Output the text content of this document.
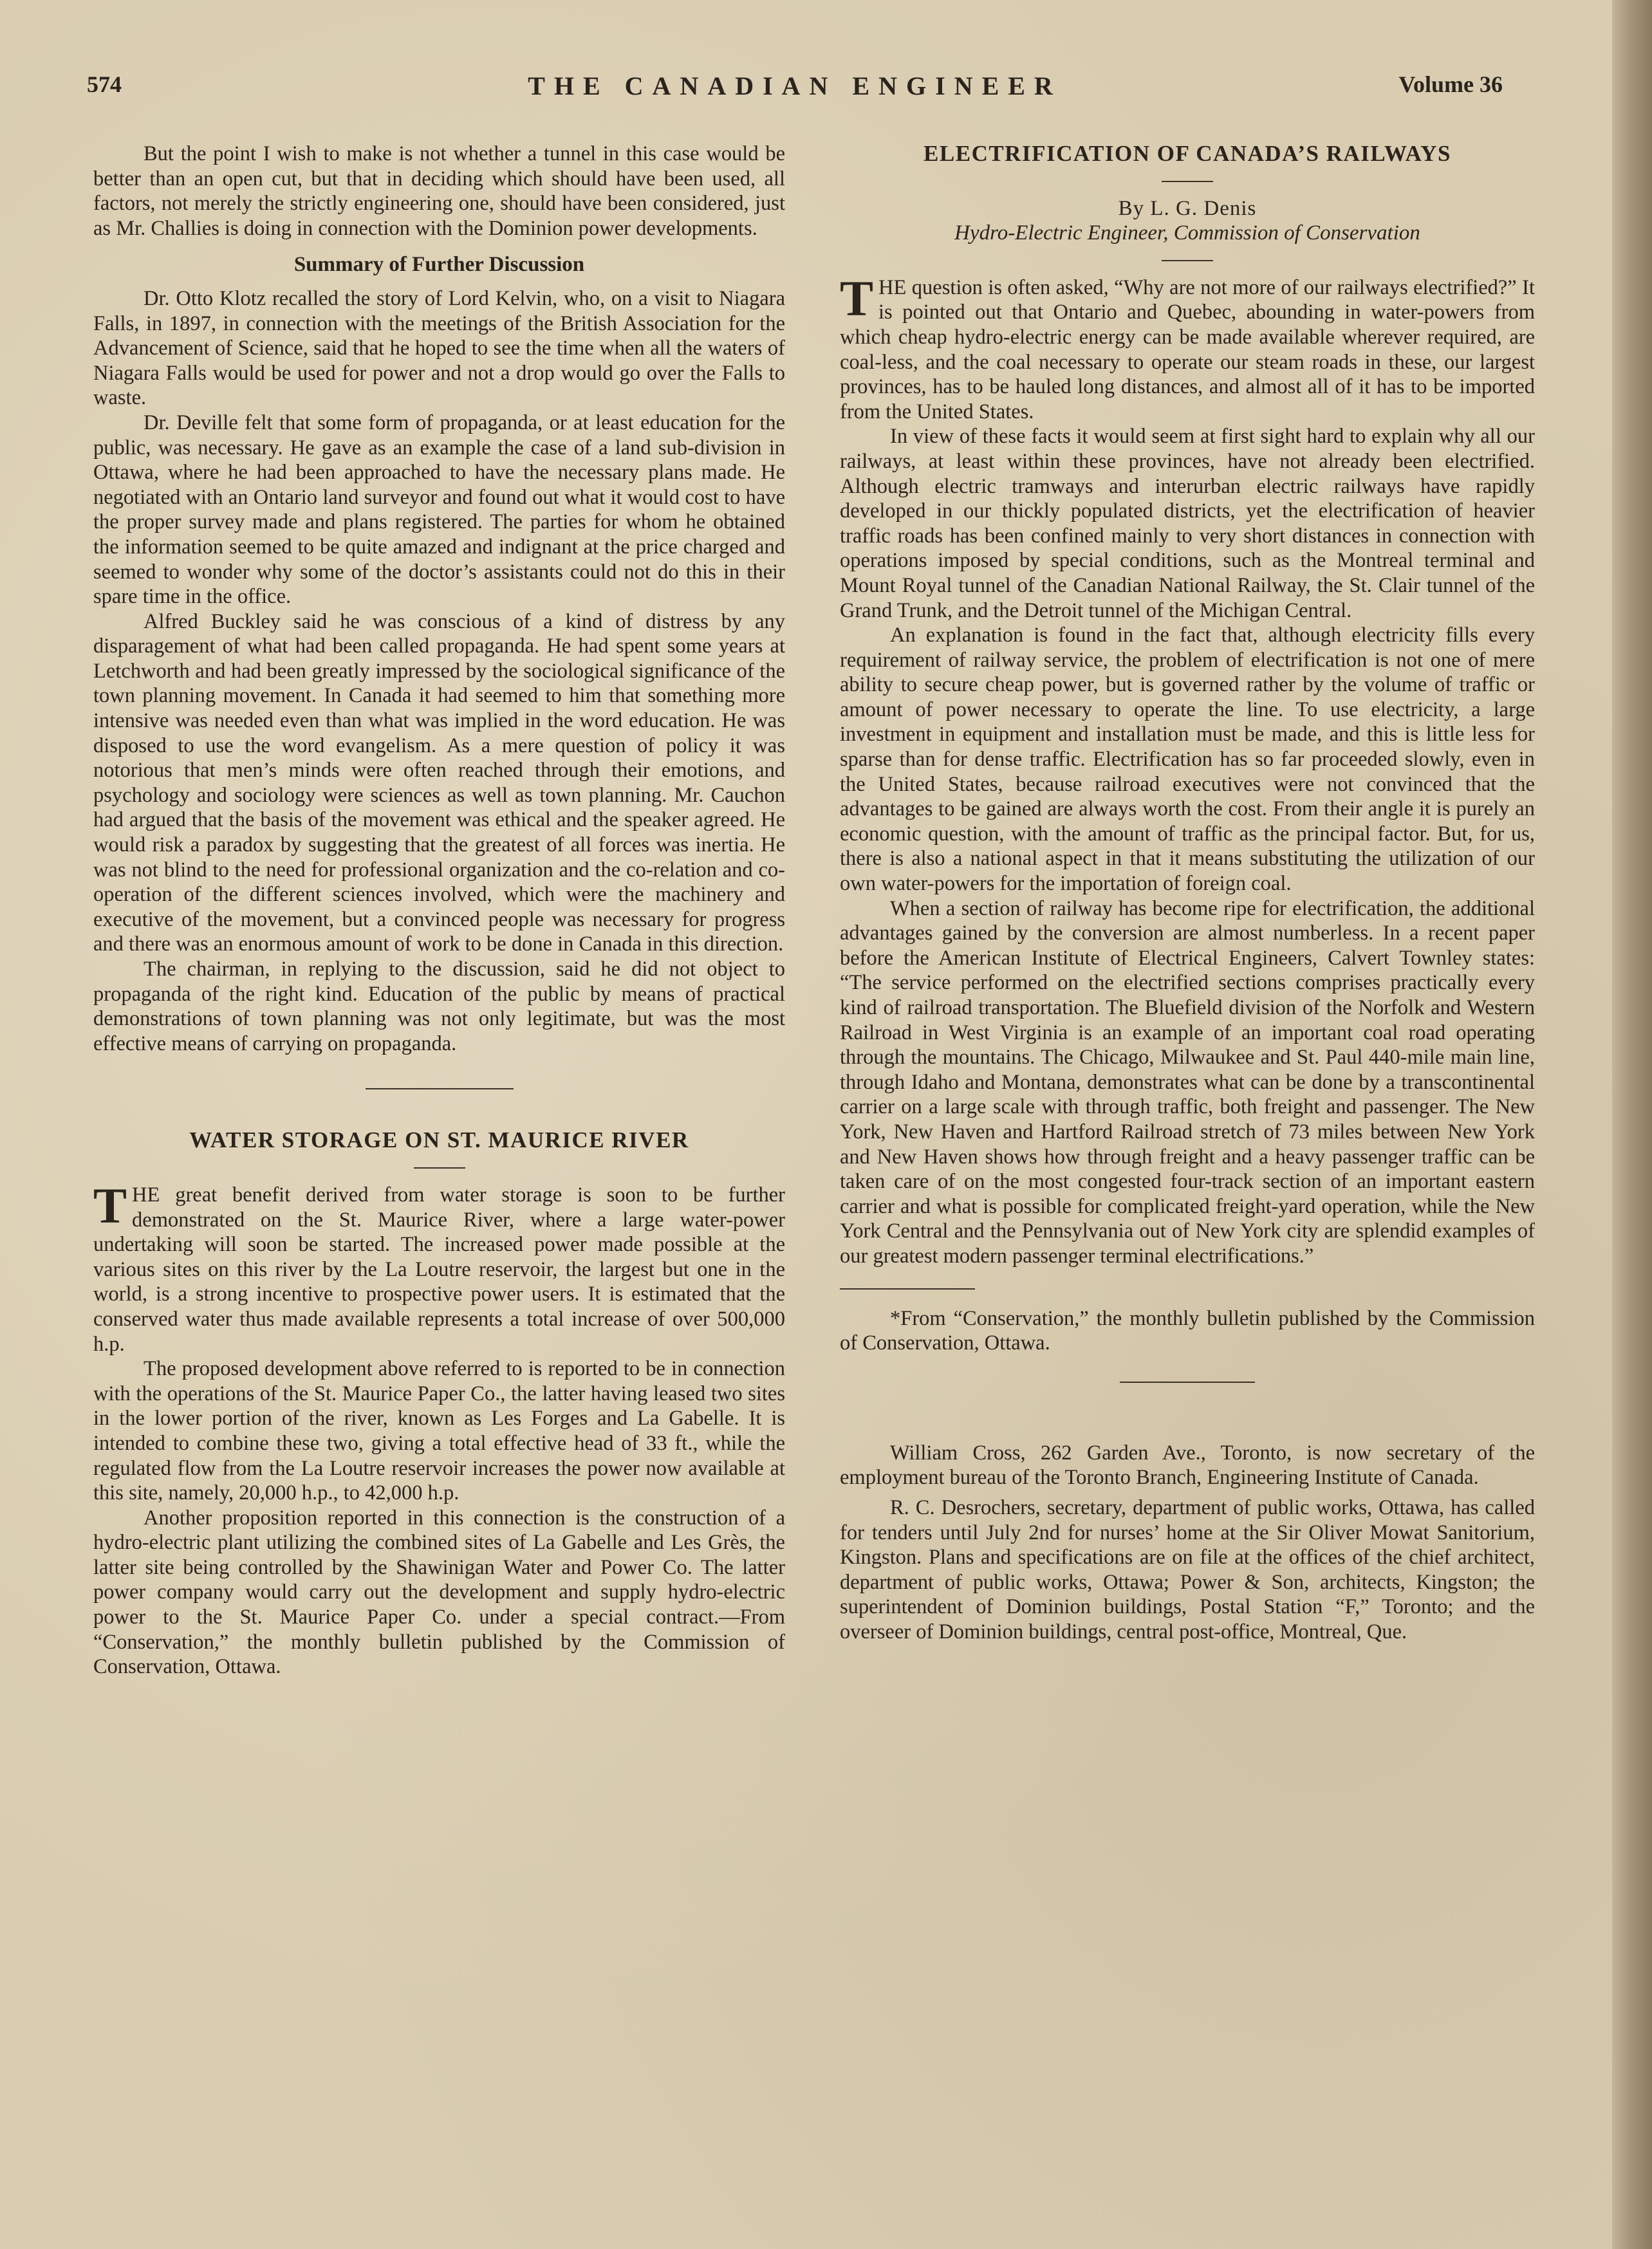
574	THE CANADIAN ENGINEER	Volume 36

But the point I wish to make is not whether a tunnel in this case would be better than an open cut, but that in deciding which should have been used, all factors, not merely the strictly engineering one, should have been considered, just as Mr. Challies is doing in connection with the Dominion power developments.

Summary of Further Discussion

Dr. Otto Klotz recalled the story of Lord Kelvin, who, on a visit to Niagara Falls, in 1897, in connection with the meetings of the British Association for the Advancement of Science, said that he hoped to see the time when all the waters of Niagara Falls would be used for power and not a drop would go over the Falls to waste.

Dr. Deville felt that some form of propaganda, or at least education for the public, was necessary. He gave as an example the case of a land sub-division in Ottawa, where he had been approached to have the necessary plans made. He negotiated with an Ontario land surveyor and found out what it would cost to have the proper survey made and plans registered. The parties for whom he obtained the information seemed to be quite amazed and indignant at the price charged and seemed to wonder why some of the doctor’s assistants could not do this in their spare time in the office.

Alfred Buckley said he was conscious of a kind of distress by any disparagement of what had been called propaganda. He had spent some years at Letchworth and had been greatly impressed by the sociological significance of the town planning movement. In Canada it had seemed to him that something more intensive was needed even than what was implied in the word education. He was disposed to use the word evangelism. As a mere question of policy it was notorious that men’s minds were often reached through their emotions, and psychology and sociology were sciences as well as town planning. Mr. Cauchon had argued that the basis of the movement was ethical and the speaker agreed. He would risk a paradox by suggesting that the greatest of all forces was inertia. He was not blind to the need for professional organization and the co-relation and co-operation of the different sciences involved, which were the machinery and executive of the movement, but a convinced people was necessary for progress and there was an enormous amount of work to be done in Canada in this direction.

The chairman, in replying to the discussion, said he did not object to propaganda of the right kind. Education of the public by means of practical demonstrations of town planning was not only legitimate, but was the most effective means of carrying on propaganda.

WATER STORAGE ON ST. MAURICE RIVER

THE great benefit derived from water storage is soon to be further demonstrated on the St. Maurice River, where a large water-power undertaking will soon be started. The increased power made possible at the various sites on this river by the La Loutre reservoir, the largest but one in the world, is a strong incentive to prospective power users. It is estimated that the conserved water thus made available represents a total increase of over 500,000 h.p.

The proposed development above referred to is reported to be in connection with the operations of the St. Maurice Paper Co., the latter having leased two sites in the lower portion of the river, known as Les Forges and La Gabelle. It is intended to combine these two, giving a total effective head of 33 ft., while the regulated flow from the La Loutre reservoir increases the power now available at this site, namely, 20,000 h.p., to 42,000 h.p.

Another proposition reported in this connection is the construction of a hydro-electric plant utilizing the combined sites of La Gabelle and Les Grès, the latter site being controlled by the Shawinigan Water and Power Co. The latter power company would carry out the development and supply hydro-electric power to the St. Maurice Paper Co. under a special contract.—From “Conservation,” the monthly bulletin published by the Commission of Conservation, Ottawa.

ELECTRIFICATION OF CANADA’S RAILWAYS
By L. G. Denis
Hydro-Electric Engineer, Commission of Conservation

THE question is often asked, “Why are not more of our railways electrified?” It is pointed out that Ontario and Quebec, abounding in water-powers from which cheap hydro-electric energy can be made available wherever required, are coal-less, and the coal necessary to operate our steam roads in these, our largest provinces, has to be hauled long distances, and almost all of it has to be imported from the United States.

In view of these facts it would seem at first sight hard to explain why all our railways, at least within these provinces, have not already been electrified. Although electric tramways and interurban electric railways have rapidly developed in our thickly populated districts, yet the electrification of heavier traffic roads has been confined mainly to very short distances in connection with operations imposed by special conditions, such as the Montreal terminal and Mount Royal tunnel of the Canadian National Railway, the St. Clair tunnel of the Grand Trunk, and the Detroit tunnel of the Michigan Central.

An explanation is found in the fact that, although electricity fills every requirement of railway service, the problem of electrification is not one of mere ability to secure cheap power, but is governed rather by the volume of traffic or amount of power necessary to operate the line. To use electricity, a large investment in equipment and installation must be made, and this is little less for sparse than for dense traffic. Electrification has so far proceeded slowly, even in the United States, because railroad executives were not convinced that the advantages to be gained are always worth the cost. From their angle it is purely an economic question, with the amount of traffic as the principal factor. But, for us, there is also a national aspect in that it means substituting the utilization of our own water-powers for the importation of foreign coal.

When a section of railway has become ripe for electrification, the additional advantages gained by the conversion are almost numberless. In a recent paper before the American Institute of Electrical Engineers, Calvert Townley states: “The service performed on the electrified sections comprises practically every kind of railroad transportation. The Bluefield division of the Norfolk and Western Railroad in West Virginia is an example of an important coal road operating through the mountains. The Chicago, Milwaukee and St. Paul 440-mile main line, through Idaho and Montana, demonstrates what can be done by a transcontinental carrier on a large scale with through traffic, both freight and passenger. The New York, New Haven and Hartford Railroad stretch of 73 miles between New York and New Haven shows how through freight and a heavy passenger traffic can be taken care of on the most congested four-track section of an important eastern carrier and what is possible for complicated freight-yard operation, while the New York Central and the Pennsylvania out of New York city are splendid examples of our greatest modern passenger terminal electrifications.”

*From “Conservation,” the monthly bulletin published by the Commission of Conservation, Ottawa.

William Cross, 262 Garden Ave., Toronto, is now secretary of the employment bureau of the Toronto Branch, Engineering Institute of Canada.

R. C. Desrochers, secretary, department of public works, Ottawa, has called for tenders until July 2nd for nurses’ home at the Sir Oliver Mowat Sanitorium, Kingston. Plans and specifications are on file at the offices of the chief architect, department of public works, Ottawa; Power & Son, architects, Kingston; the superintendent of Dominion buildings, Postal Station “F,” Toronto; and the overseer of Dominion buildings, central post-office, Montreal, Que.
